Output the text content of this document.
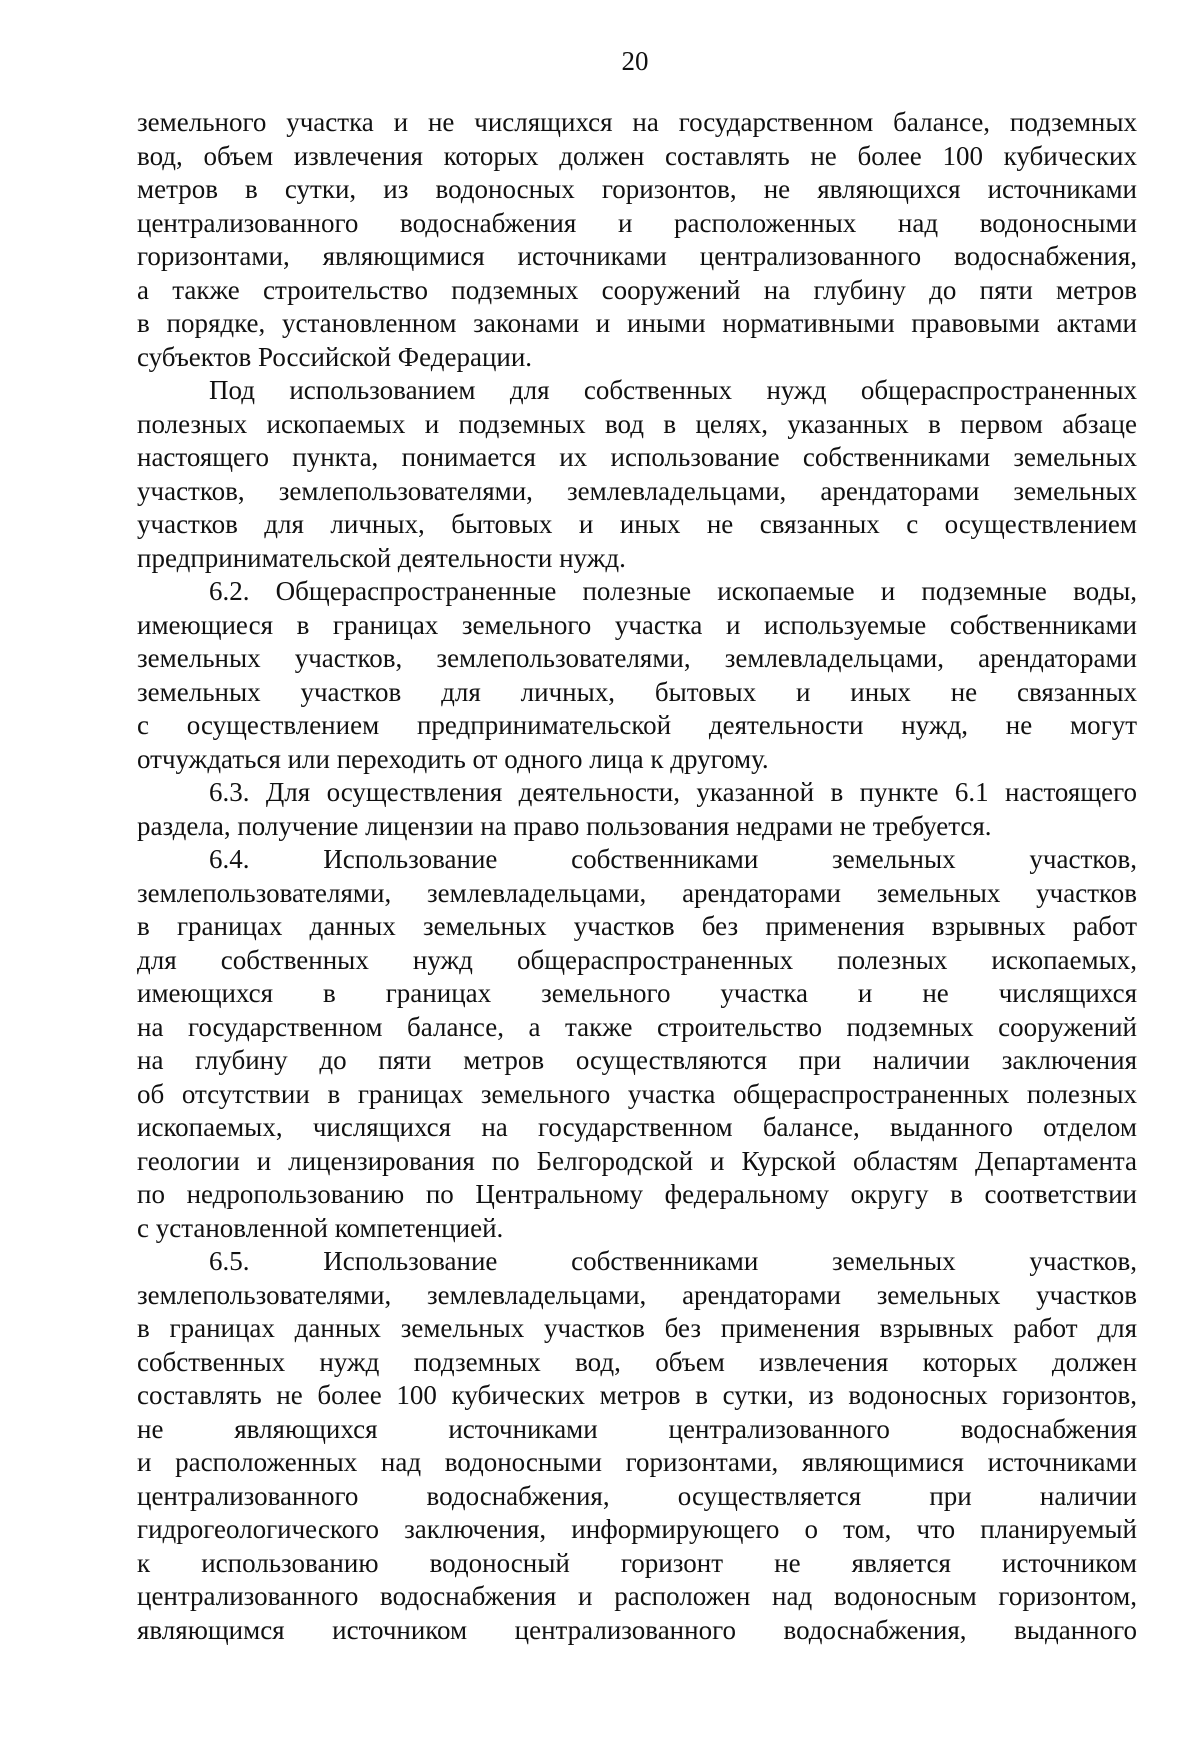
20
земельного участка и не числящихся на государственном балансе, подземных
вод, объем извлечения которых должен составлять не более 100 кубических
метров в сутки, из водоносных горизонтов, не являющихся источниками
централизованного водоснабжения и расположенных над водоносными
горизонтами, являющимися источниками централизованного водоснабжения,
а также строительство подземных сооружений на глубину до пяти метров
в порядке, установленном законами и иными нормативными правовыми актами
субъектов Российской Федерации.
Под использованием для собственных нужд общераспространенных
полезных ископаемых и подземных вод в целях, указанных в первом абзаце
настоящего пункта, понимается их использование собственниками земельных
участков, землепользователями, землевладельцами, арендаторами земельных
участков для личных, бытовых и иных не связанных с осуществлением
предпринимательской деятельности нужд.
6.2. Общераспространенные полезные ископаемые и подземные воды,
имеющиеся в границах земельного участка и используемые собственниками
земельных участков, землепользователями, землевладельцами, арендаторами
земельных участков для личных, бытовых и иных не связанных
с осуществлением предпринимательской деятельности нужд, не могут
отчуждаться или переходить от одного лица к другому.
6.3. Для осуществления деятельности, указанной в пункте 6.1 настоящего
раздела, получение лицензии на право пользования недрами не требуется.
6.4. Использование собственниками земельных участков,
землепользователями, землевладельцами, арендаторами земельных участков
в границах данных земельных участков без применения взрывных работ
для собственных нужд общераспространенных полезных ископаемых,
имеющихся в границах земельного участка и не числящихся
на государственном балансе, а также строительство подземных сооружений
на глубину до пяти метров осуществляются при наличии заключения
об отсутствии в границах земельного участка общераспространенных полезных
ископаемых, числящихся на государственном балансе, выданного отделом
геологии и лицензирования по Белгородской и Курской областям Департамента
по недропользованию по Центральному федеральному округу в соответствии
с установленной компетенцией.
6.5. Использование собственниками земельных участков,
землепользователями, землевладельцами, арендаторами земельных участков
в границах данных земельных участков без применения взрывных работ для
собственных нужд подземных вод, объем извлечения которых должен
составлять не более 100 кубических метров в сутки, из водоносных горизонтов,
не являющихся источниками централизованного водоснабжения
и расположенных над водоносными горизонтами, являющимися источниками
централизованного водоснабжения, осуществляется при наличии
гидрогеологического заключения, информирующего о том, что планируемый
к использованию водоносный горизонт не является источником
централизованного водоснабжения и расположен над водоносным горизонтом,
являющимся источником централизованного водоснабжения, выданного
